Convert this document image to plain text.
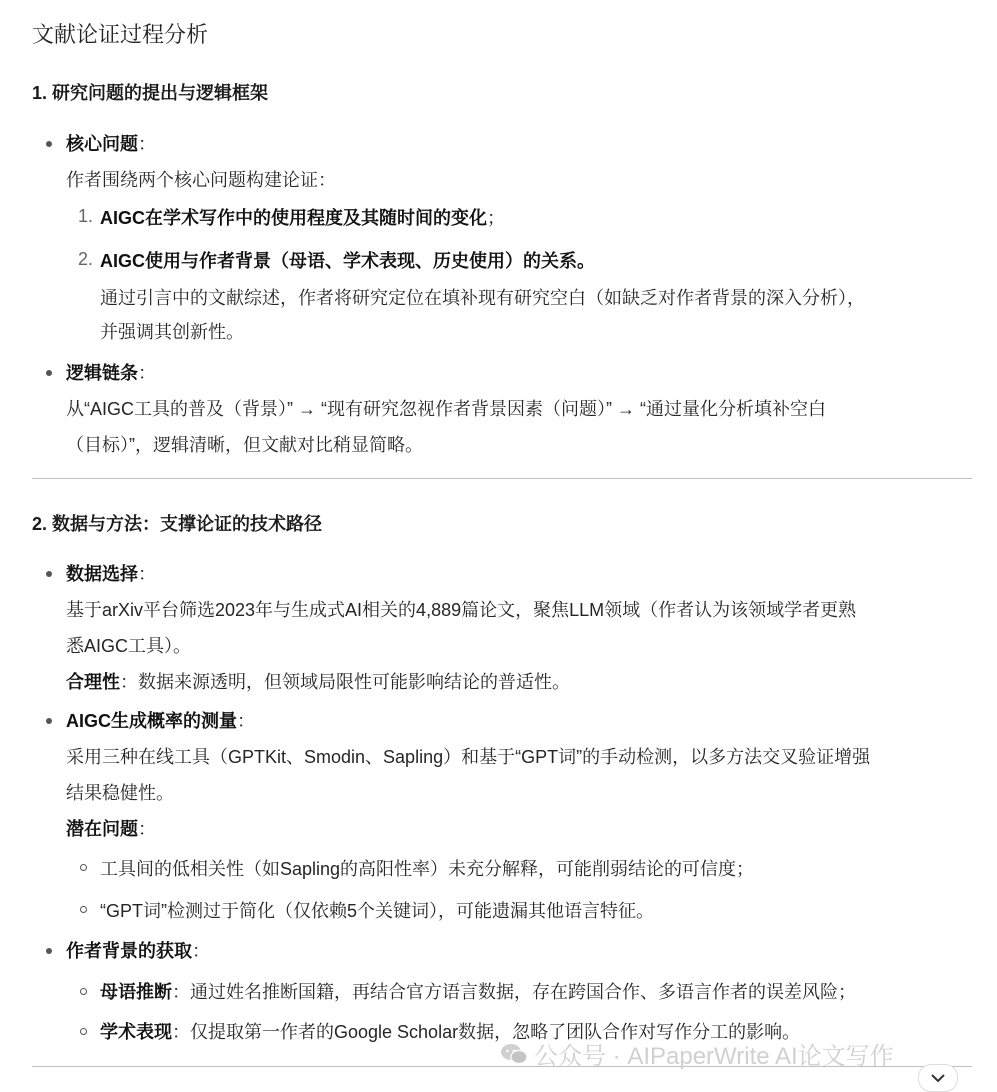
文献论证过程分析
1. 研究问题的提出与逻辑框架
核心问题：
作者围绕两个核心问题构建论证：
1. AIGC在学术写作中的使用程度及其随时间的变化；
2. AIGC使用与作者背景（母语、学术表现、历史使用）的关系。
通过引言中的文献综述，作者将研究定位在填补现有研究空白（如缺乏对作者背景的深入分析），
并强调其创新性。
逻辑链条：
从“AIGC工具的普及（背景）” → “现有研究忽视作者背景因素（问题）” → “通过量化分析填补空白
（目标）”，逻辑清晰，但文献对比稍显简略。
2. 数据与方法：支撑论证的技术路径
数据选择：
基于arXiv平台筛选2023年与生成式AI相关的4,889篇论文，聚焦LLM领域（作者认为该领域学者更熟
悉AIGC工具）。
合理性：数据来源透明，但领域局限性可能影响结论的普适性。
AIGC生成概率的测量：
采用三种在线工具（GPTKit、Smodin、Sapling）和基于“GPT词”的手动检测，以多方法交叉验证增强
结果稳健性。
潜在问题：
工具间的低相关性（如Sapling的高阳性率）未充分解释，可能削弱结论的可信度；
“GPT词”检测过于简化（仅依赖5个关键词），可能遗漏其他语言特征。
作者背景的获取：
母语推断：通过姓名推断国籍，再结合官方语言数据，存在跨国合作、多语言作者的误差风险；
学术表现：仅提取第一作者的Google Scholar数据，忽略了团队合作对写作分工的影响。
公众号 · AIPaperWrite AI论文写作
